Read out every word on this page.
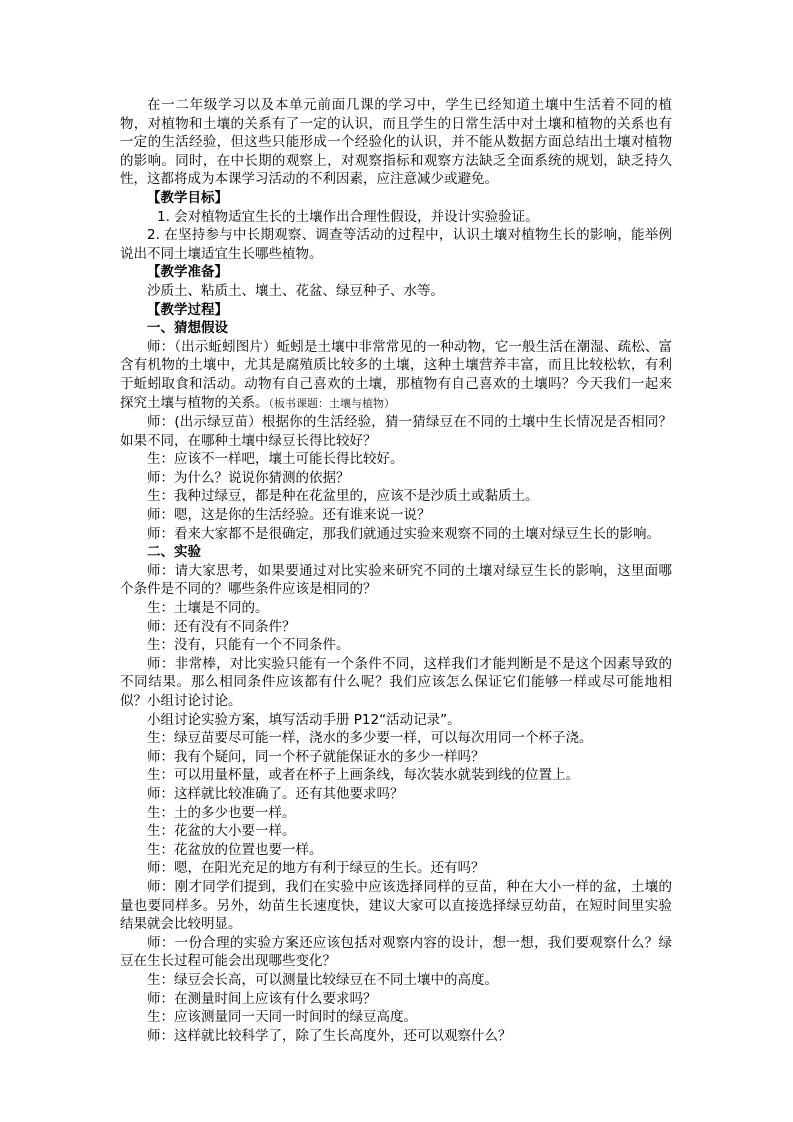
在一二年级学习以及本单元前面几课的学习中，学生已经知道土壤中生活着不同的植物，对植物和土壤的关系有了一定的认识，而且学生的日常生活中对土壤和植物的关系也有一定的生活经验，但这些只能形成一个经验化的认识，并不能从数据方面总结出土壤对植物的影响。同时，在中长期的观察上，对观察指标和观察方法缺乏全面系统的规划，缺乏持久性，这都将成为本课学习活动的不利因素，应注意减少或避免。

【教学目标】

1. 会对植物适宜生长的土壤作出合理性假设，并设计实验验证。

2. 在坚持参与中长期观察、调查等活动的过程中，认识土壤对植物生长的影响，能举例说出不同土壤适宜生长哪些植物。

【教学准备】

沙质土、粘质土、壤土、花盆、绿豆种子、水等。

【教学过程】

一、猜想假设

师：（出示蚯蚓图片）蚯蚓是土壤中非常常见的一种动物，它一般生活在潮湿、疏松、富含有机物的土壤中，尤其是腐殖质比较多的土壤，这种土壤营养丰富，而且比较松软，有利于蚯蚓取食和活动。动物有自己喜欢的土壤，那植物有自己喜欢的土壤吗？今天我们一起来探究土壤与植物的关系。（板书课题：土壤与植物）

师：(出示绿豆苗）根据你的生活经验，猜一猜绿豆在不同的土壤中生长情况是否相同？如果不同，在哪种土壤中绿豆长得比较好？

生：应该不一样吧，壤土可能长得比较好。

师：为什么？说说你猜测的依据？

生：我种过绿豆，都是种在花盆里的，应该不是沙质土或黏质土。

师：嗯，这是你的生活经验。还有谁来说一说？

师：看来大家都不是很确定，那我们就通过实验来观察不同的土壤对绿豆生长的影响。

二、实验

师：请大家思考，如果要通过对比实验来研究不同的土壤对绿豆生长的影响，这里面哪个条件是不同的？哪些条件应该是相同的？

生：土壤是不同的。

师：还有没有不同条件？

生：没有，只能有一个不同条件。

师：非常棒，对比实验只能有一个条件不同，这样我们才能判断是不是这个因素导致的不同结果。那么相同条件应该都有什么呢？我们应该怎么保证它们能够一样或尽可能地相似？小组讨论讨论。

小组讨论实验方案，填写活动手册 P12“活动记录”。

生：绿豆苗要尽可能一样，浇水的多少要一样，可以每次用同一个杯子浇。

师：我有个疑问，同一个杯子就能保证水的多少一样吗？

生：可以用量杯量，或者在杯子上画条线，每次装水就装到线的位置上。

师：这样就比较准确了。还有其他要求吗？

生：土的多少也要一样。

生：花盆的大小要一样。

生：花盆放的位置也要一样。

师：嗯，在阳光充足的地方有利于绿豆的生长。还有吗？

师：刚才同学们提到，我们在实验中应该选择同样的豆苗，种在大小一样的盆，土壤的量也要同样多。另外，幼苗生长速度快，建议大家可以直接选择绿豆幼苗，在短时间里实验结果就会比较明显。

师：一份合理的实验方案还应该包括对观察内容的设计，想一想，我们要观察什么？绿豆在生长过程可能会出现哪些变化？

生：绿豆会长高，可以测量比较绿豆在不同土壤中的高度。

师：在测量时间上应该有什么要求吗？

生：应该测量同一天同一时间时的绿豆高度。

师：这样就比较科学了，除了生长高度外，还可以观察什么？
